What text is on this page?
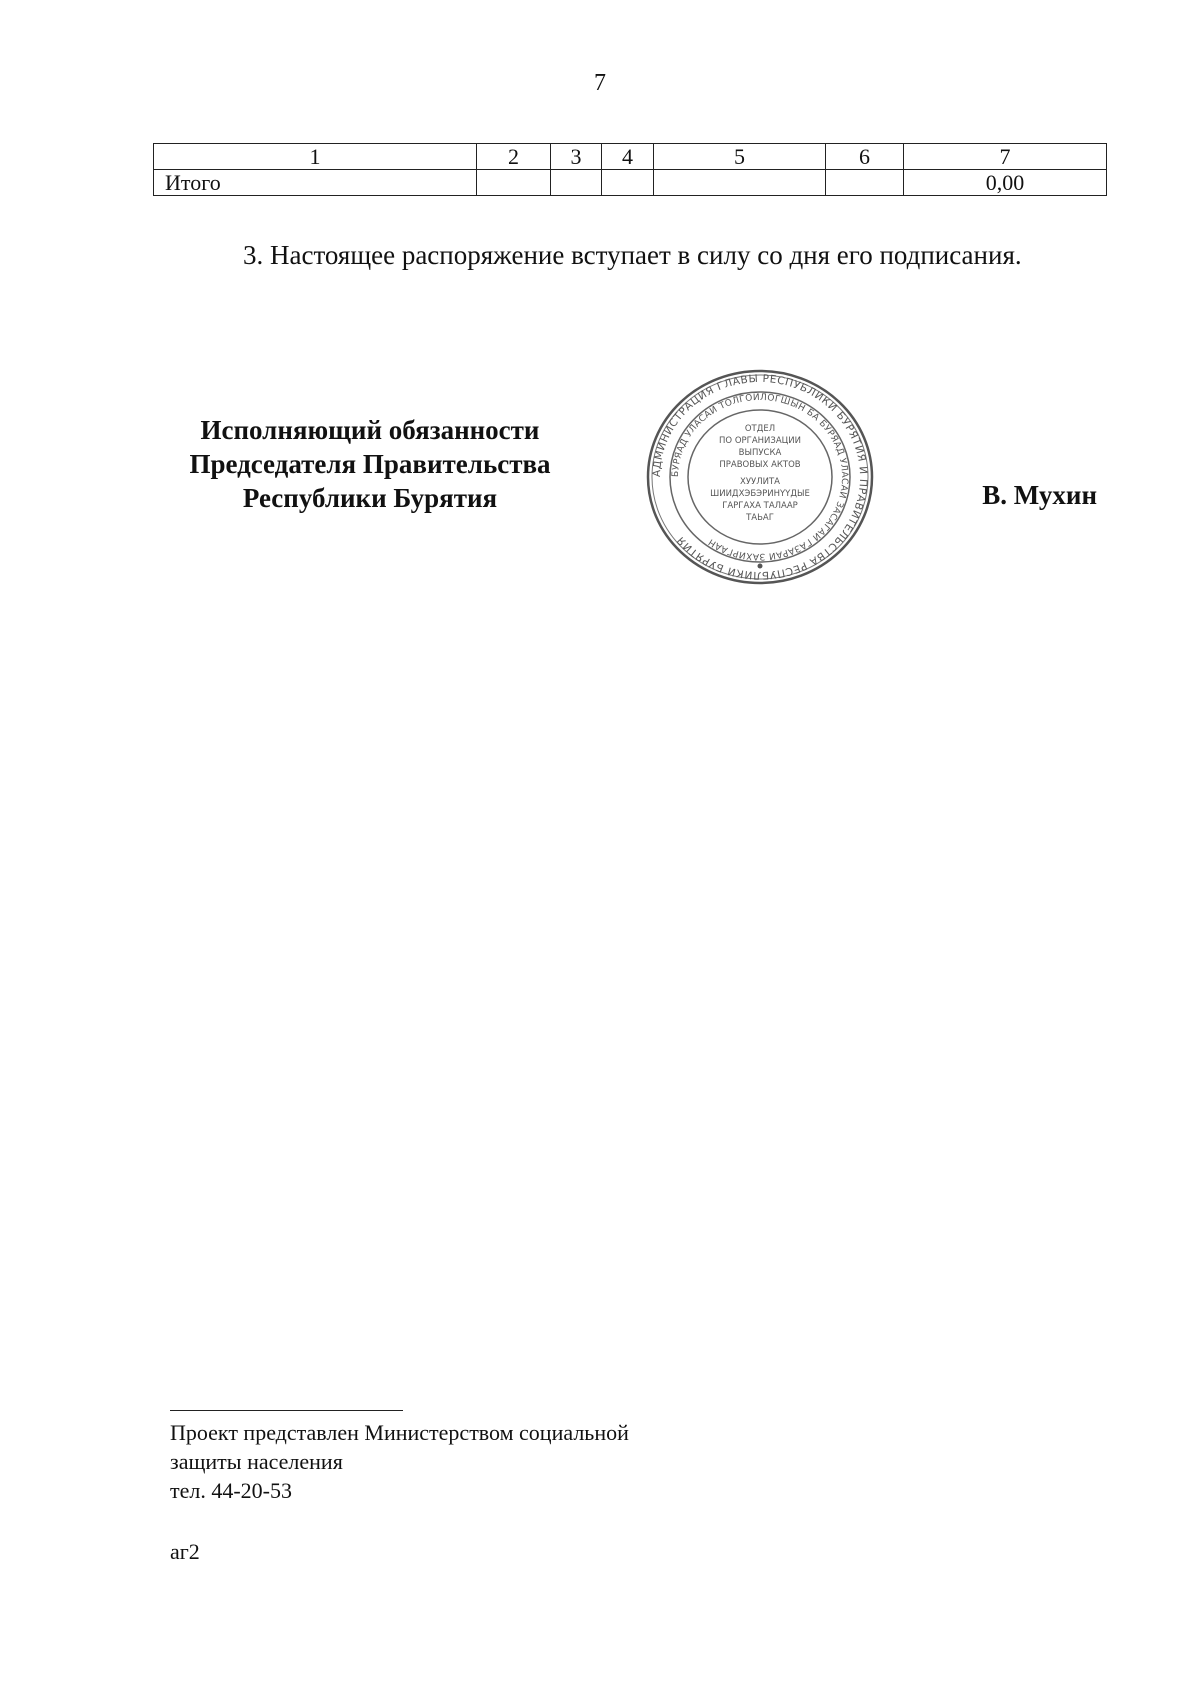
7
1	2	3	4	5	6	7
Итого						0,00
3. Настоящее распоряжение вступает в силу со дня его подписания.
Исполняющий обязанности
Председателя Правительства
Республики Бурятия
АДМИНИСТРАЦИЯ ГЛАВЫ РЕСПУБЛИКИ БУРЯТИЯ И ПРАВИТЕЛЬСТВА РЕСПУБЛИКИ БУРЯТИЯ
БУРЯАД УЛАСАЙ ТОЛГОЙЛОГШЫН БА БУРЯАД УЛАСАЙ ЗАСАГАЙ ГАЗАРАЙ ЗАХИРГААН
ОТДЕЛ
ПО ОРГАНИЗАЦИИ
ВЫПУСКА
ПРАВОВЫХ АКТОВ
ХУУЛИТА
ШИИДХЭБЭРИНҮҮДЫЕ
ГАРГАХА ТАЛААР
ТАЬАГ
В. Мухин
Проект представлен Министерством социальной
защиты населения
тел. 44-20-53
аг2
